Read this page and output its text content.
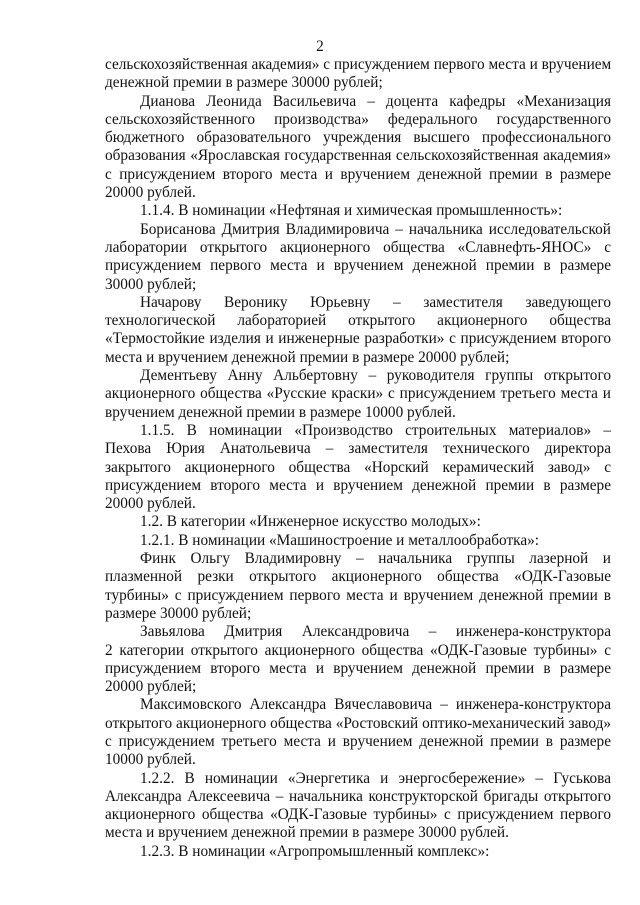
2
сельскохозяйственная академия» с присуждением первого места и вручением
денежной премии в размере 30000 рублей;
Дианова Леонида Васильевича – доцента кафедры «Механизация
сельскохозяйственного производства» федерального государственного
бюджетного образовательного учреждения высшего профессионального
образования «Ярославская государственная сельскохозяйственная академия»
с присуждением второго места и вручением денежной премии в размере
20000 рублей.
1.1.4. В номинации «Нефтяная и химическая промышленность»:
Борисанова Дмитрия Владимировича – начальника исследовательской
лаборатории открытого акционерного общества «Славнефть-ЯНОС» с
присуждением первого места и вручением денежной премии в размере
30000 рублей;
Начарову Веронику Юрьевну – заместителя заведующего
технологической лабораторией открытого акционерного общества
«Термостойкие изделия и инженерные разработки» с присуждением второго
места и вручением денежной премии в размере 20000 рублей;
Дементьеву Анну Альбертовну – руководителя группы открытого
акционерного общества «Русские краски» с присуждением третьего места и
вручением денежной премии в размере 10000 рублей.
1.1.5. В номинации «Производство строительных материалов» –
Пехова Юрия Анатольевича – заместителя технического директора
закрытого акционерного общества «Норский керамический завод» с
присуждением второго места и вручением денежной премии в размере
20000 рублей.
1.2. В категории «Инженерное искусство молодых»:
1.2.1. В номинации «Машиностроение и металлообработка»:
Финк Ольгу Владимировну – начальника группы лазерной и
плазменной резки открытого акционерного общества «ОДК-Газовые
турбины» с присуждением первого места и вручением денежной премии в
размере 30000 рублей;
Завьялова Дмитрия Александровича – инженера-конструктора
2 категории открытого акционерного общества «ОДК-Газовые турбины» с
присуждением второго места и вручением денежной премии в размере
20000 рублей;
Максимовского Александра Вячеславовича – инженера-конструктора
открытого акционерного общества «Ростовский оптико-механический завод»
с присуждением третьего места и вручением денежной премии в размере
10000 рублей.
1.2.2. В номинации «Энергетика и энергосбережение» – Гуськова
Александра Алексеевича – начальника конструкторской бригады открытого
акционерного общества «ОДК-Газовые турбины» с присуждением первого
места и вручением денежной премии в размере 30000 рублей.
1.2.3. В номинации «Агропромышленный комплекс»:
